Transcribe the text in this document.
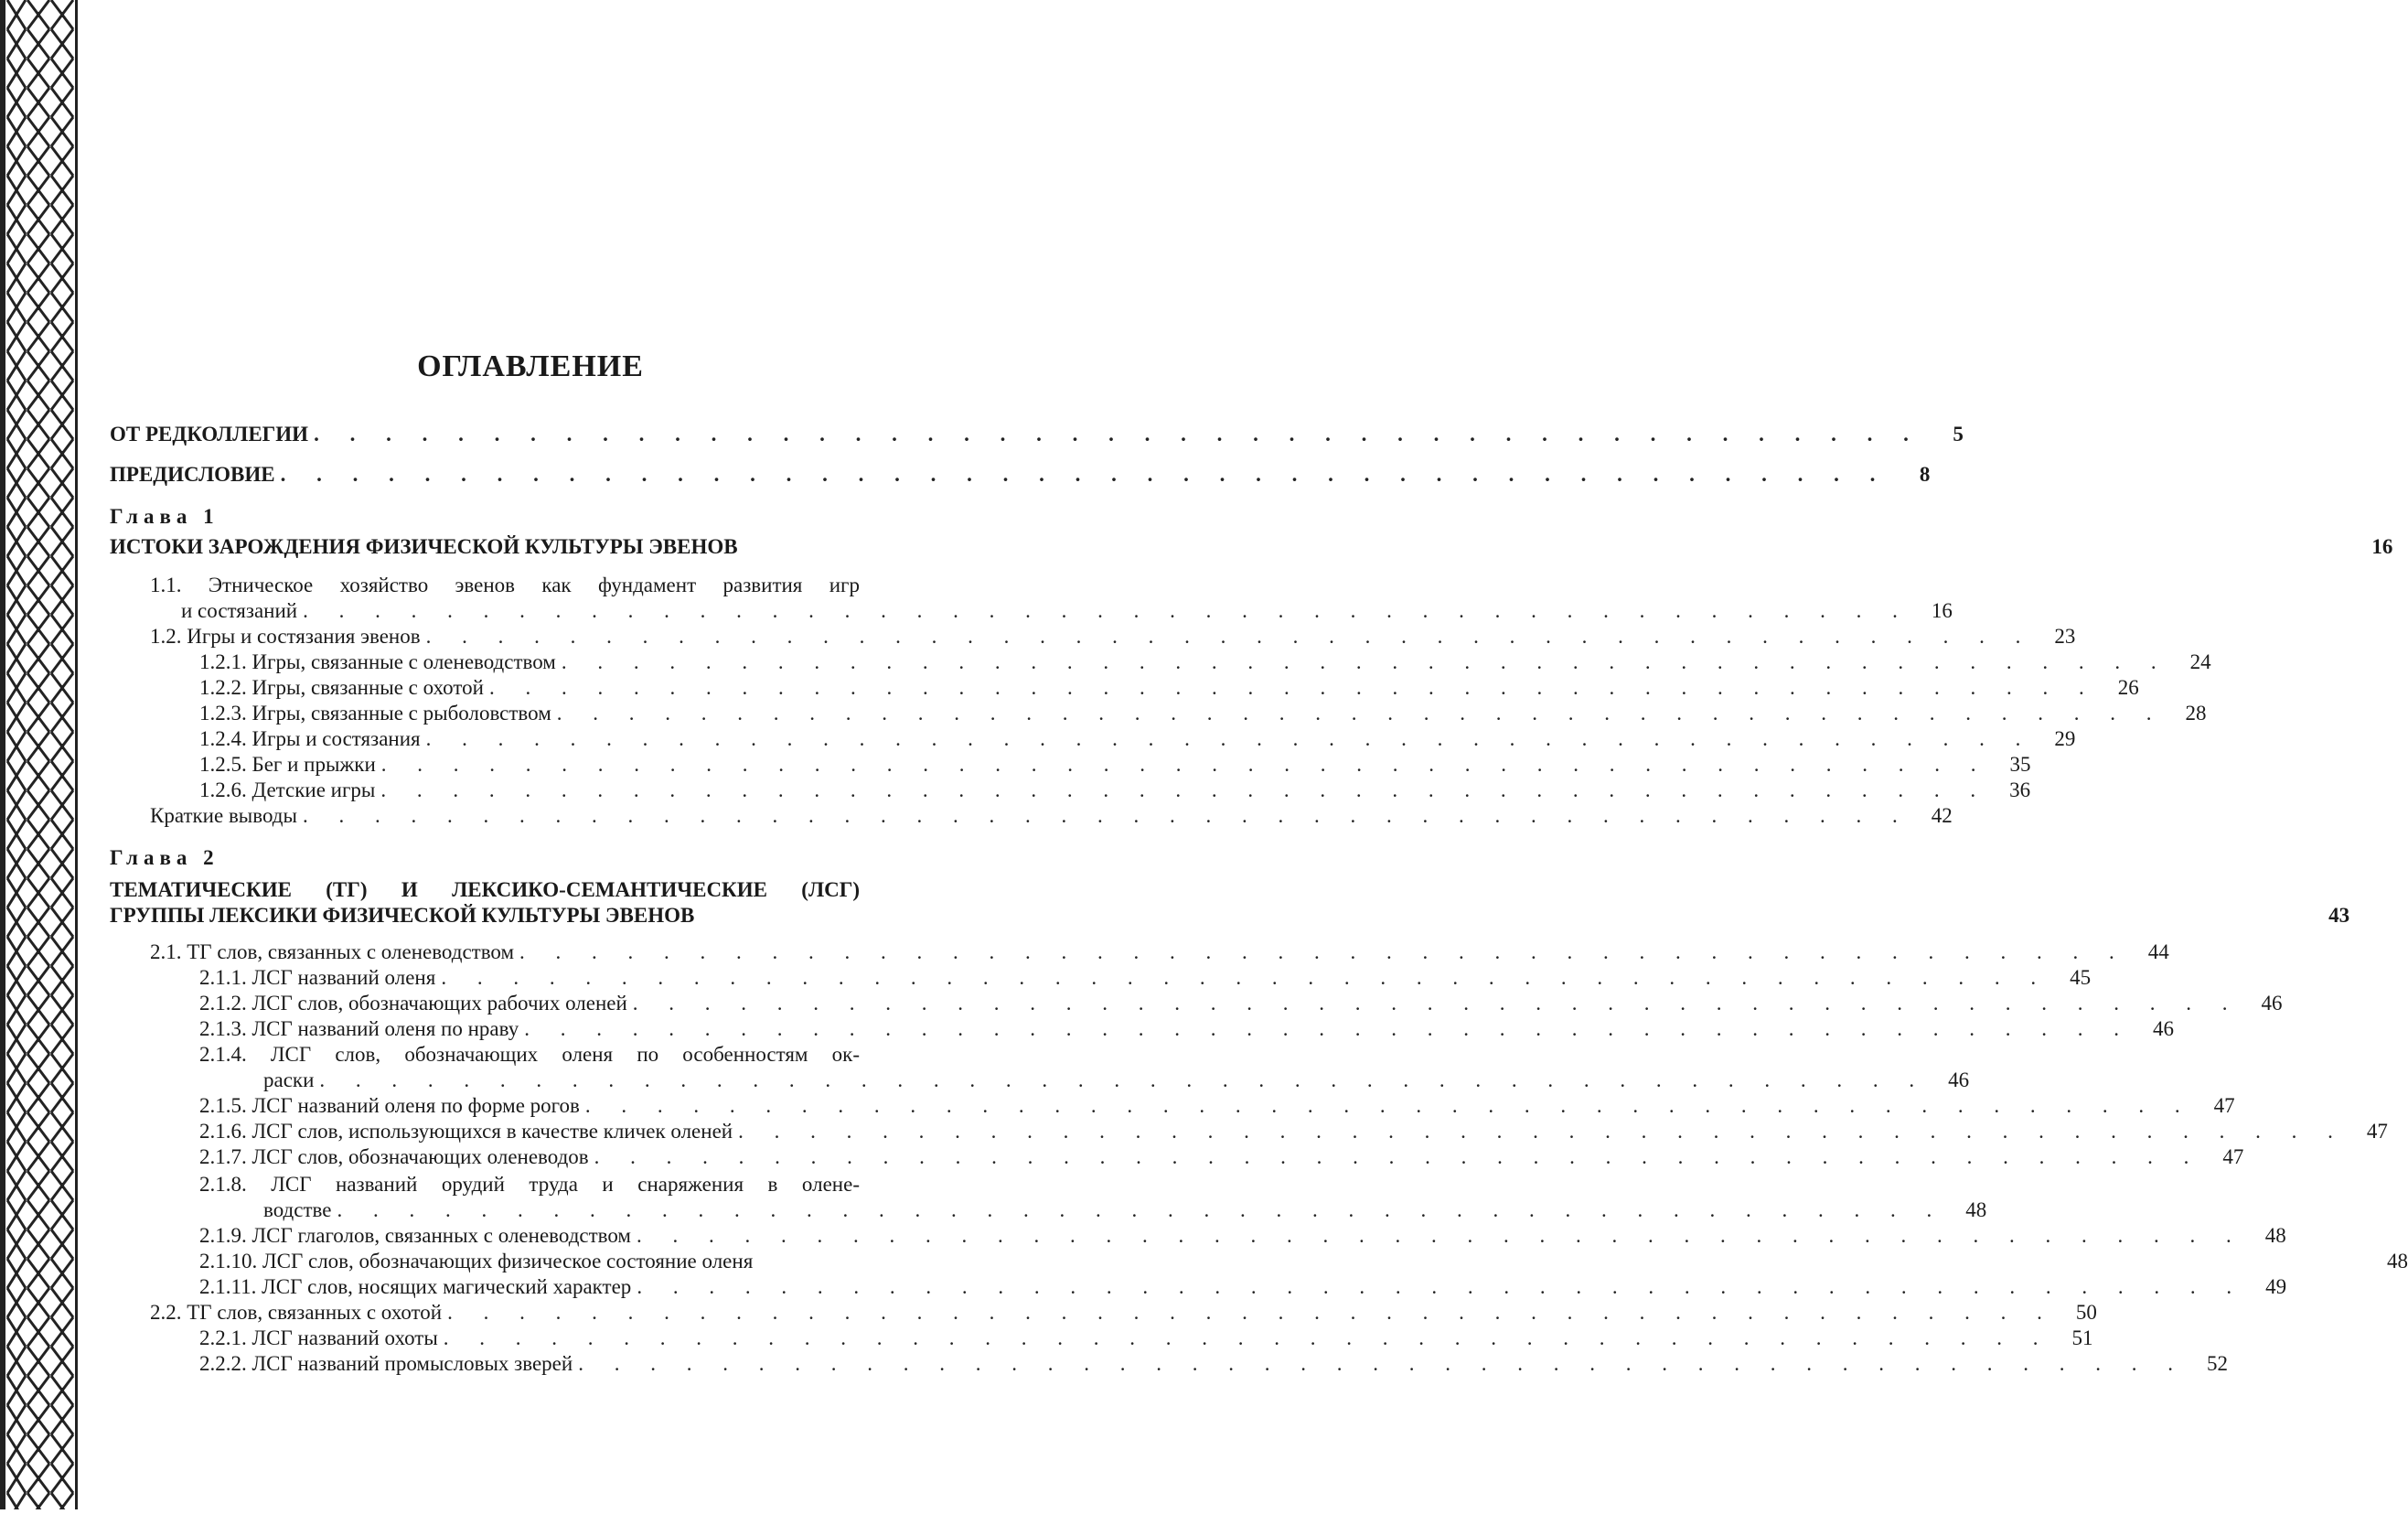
ОГЛАВЛЕНИЕ
ОТ РЕДКОЛЛЕГИИ . . . . . . . . . . . . . . . . . . . . . . . . . . . . . . . . . . . . . . . . . . . . .	5
ПРЕДИСЛОВИЕ . . . . . . . . . . . . . . . . . . . . . . . . . . . . . . . . . . . . . . . . . . . . .	8
Глава 1
ИСТОКИ ЗАРОЖДЕНИЯ ФИЗИЧЕСКОЙ КУЛЬТУРЫ ЭВЕНОВ	16
1.1. Этническое хозяйство эвенов как фундамент развития игр
и состязаний . . . . . . . . . . . . . . . . . . . . . . . . . . . . . . . . . . . . . . . . . . . . .	16
1.2. Игры и состязания эвенов . . . . . . . . . . . . . . . . . . . . . . . . . . . . . . . . . . . . . . . . . . . . .	23
1.2.1. Игры, связанные с оленеводством . . . . . . . . . . . . . . . . . . . . . . . . . . . . . . . . . . . . . . . . . . . . .	24
1.2.2. Игры, связанные с охотой . . . . . . . . . . . . . . . . . . . . . . . . . . . . . . . . . . . . . . . . . . . . .	26
1.2.3. Игры, связанные с рыболовством . . . . . . . . . . . . . . . . . . . . . . . . . . . . . . . . . . . . . . . . . . . . .	28
1.2.4. Игры и состязания . . . . . . . . . . . . . . . . . . . . . . . . . . . . . . . . . . . . . . . . . . . . .	29
1.2.5. Бег и прыжки . . . . . . . . . . . . . . . . . . . . . . . . . . . . . . . . . . . . . . . . . . . . .	35
1.2.6. Детские игры . . . . . . . . . . . . . . . . . . . . . . . . . . . . . . . . . . . . . . . . . . . . .	36
Краткие выводы . . . . . . . . . . . . . . . . . . . . . . . . . . . . . . . . . . . . . . . . . . . . .	42
Глава 2
ТЕМАТИЧЕСКИЕ (ТГ) И ЛЕКСИКО-СЕМАНТИЧЕСКИЕ (ЛСГ)
ГРУППЫ ЛЕКСИКИ ФИЗИЧЕСКОЙ КУЛЬТУРЫ ЭВЕНОВ	43
2.1. ТГ слов, связанных с оленеводством . . . . . . . . . . . . . . . . . . . . . . . . . . . . . . . . . . . . . . . . . . . . .	44
2.1.1. ЛСГ названий оленя . . . . . . . . . . . . . . . . . . . . . . . . . . . . . . . . . . . . . . . . . . . . .	45
2.1.2. ЛСГ слов, обозначающих рабочих оленей . . . . . . . . . . . . . . . . . . . . . . . . . . . . . . . . . . . . . . . . . . . . .	46
2.1.3. ЛСГ названий оленя по нраву . . . . . . . . . . . . . . . . . . . . . . . . . . . . . . . . . . . . . . . . . . . . .	46
2.1.4. ЛСГ слов, обозначающих оленя по особенностям ок-
раски . . . . . . . . . . . . . . . . . . . . . . . . . . . . . . . . . . . . . . . . . . . . .	46
2.1.5. ЛСГ названий оленя по форме рогов . . . . . . . . . . . . . . . . . . . . . . . . . . . . . . . . . . . . . . . . . . . . .	47
2.1.6. ЛСГ слов, использующихся в качестве кличек оленей . . . . . . . . . . . . . . . . . . . . . . . . . . . . . . . . . . . . . . . . . . . . .	47
2.1.7. ЛСГ слов, обозначающих оленеводов . . . . . . . . . . . . . . . . . . . . . . . . . . . . . . . . . . . . . . . . . . . . .	47
2.1.8. ЛСГ названий орудий труда и снаряжения в олене-
водстве . . . . . . . . . . . . . . . . . . . . . . . . . . . . . . . . . . . . . . . . . . . . .	48
2.1.9. ЛСГ глаголов, связанных с оленеводством . . . . . . . . . . . . . . . . . . . . . . . . . . . . . . . . . . . . . . . . . . . . .	48
2.1.10. ЛСГ слов, обозначающих физическое состояние оленя	48
2.1.11. ЛСГ слов, носящих магический характер . . . . . . . . . . . . . . . . . . . . . . . . . . . . . . . . . . . . . . . . . . . . .	49
2.2. ТГ слов, связанных с охотой . . . . . . . . . . . . . . . . . . . . . . . . . . . . . . . . . . . . . . . . . . . . .	50
2.2.1. ЛСГ названий охоты . . . . . . . . . . . . . . . . . . . . . . . . . . . . . . . . . . . . . . . . . . . . .	51
2.2.2. ЛСГ названий промысловых зверей . . . . . . . . . . . . . . . . . . . . . . . . . . . . . . . . . . . . . . . . . . . . .	52
